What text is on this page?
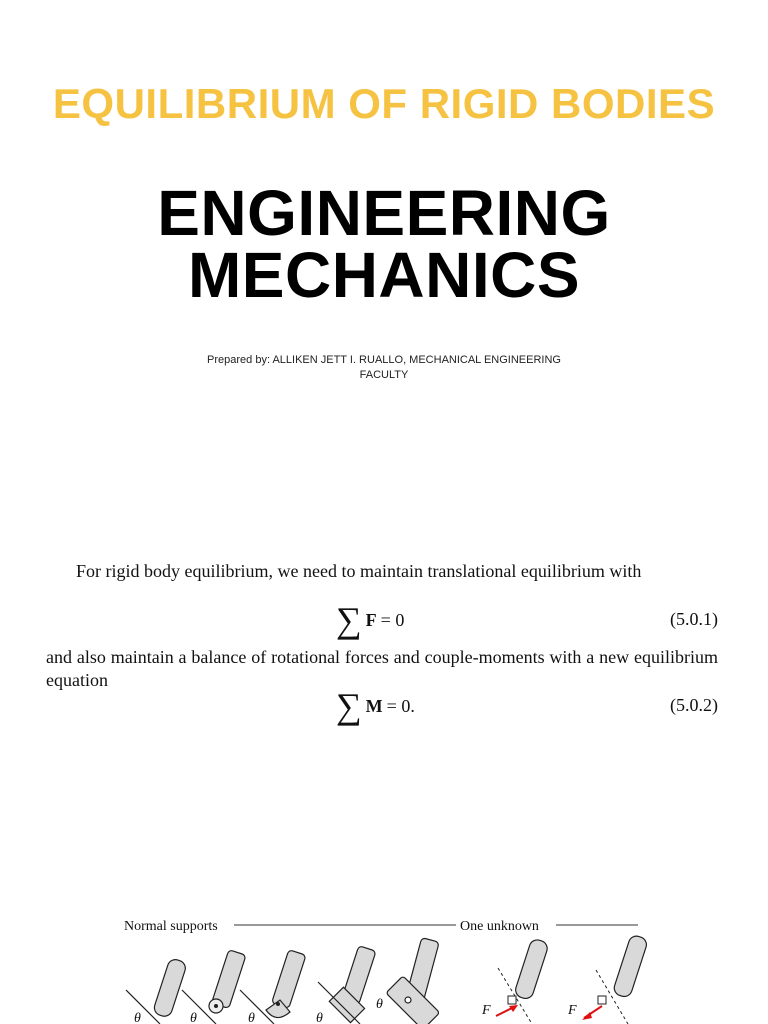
EQUILIBRIUM OF RIGID BODIES
ENGINEERING MECHANICS
Prepared by: ALLIKEN JETT I. RUALLO, MECHANICAL ENGINEERING FACULTY

For rigid body equilibrium, we need to maintain translational equilibrium with

∑ F = 0	(5.0.1)

and also maintain a balance of rotational forces and couple-moments with a new equilibrium equation

∑ M = 0.	(5.0.2)
Normal supports	One unknown
θ	θ	θ	θ
θ	F	F
